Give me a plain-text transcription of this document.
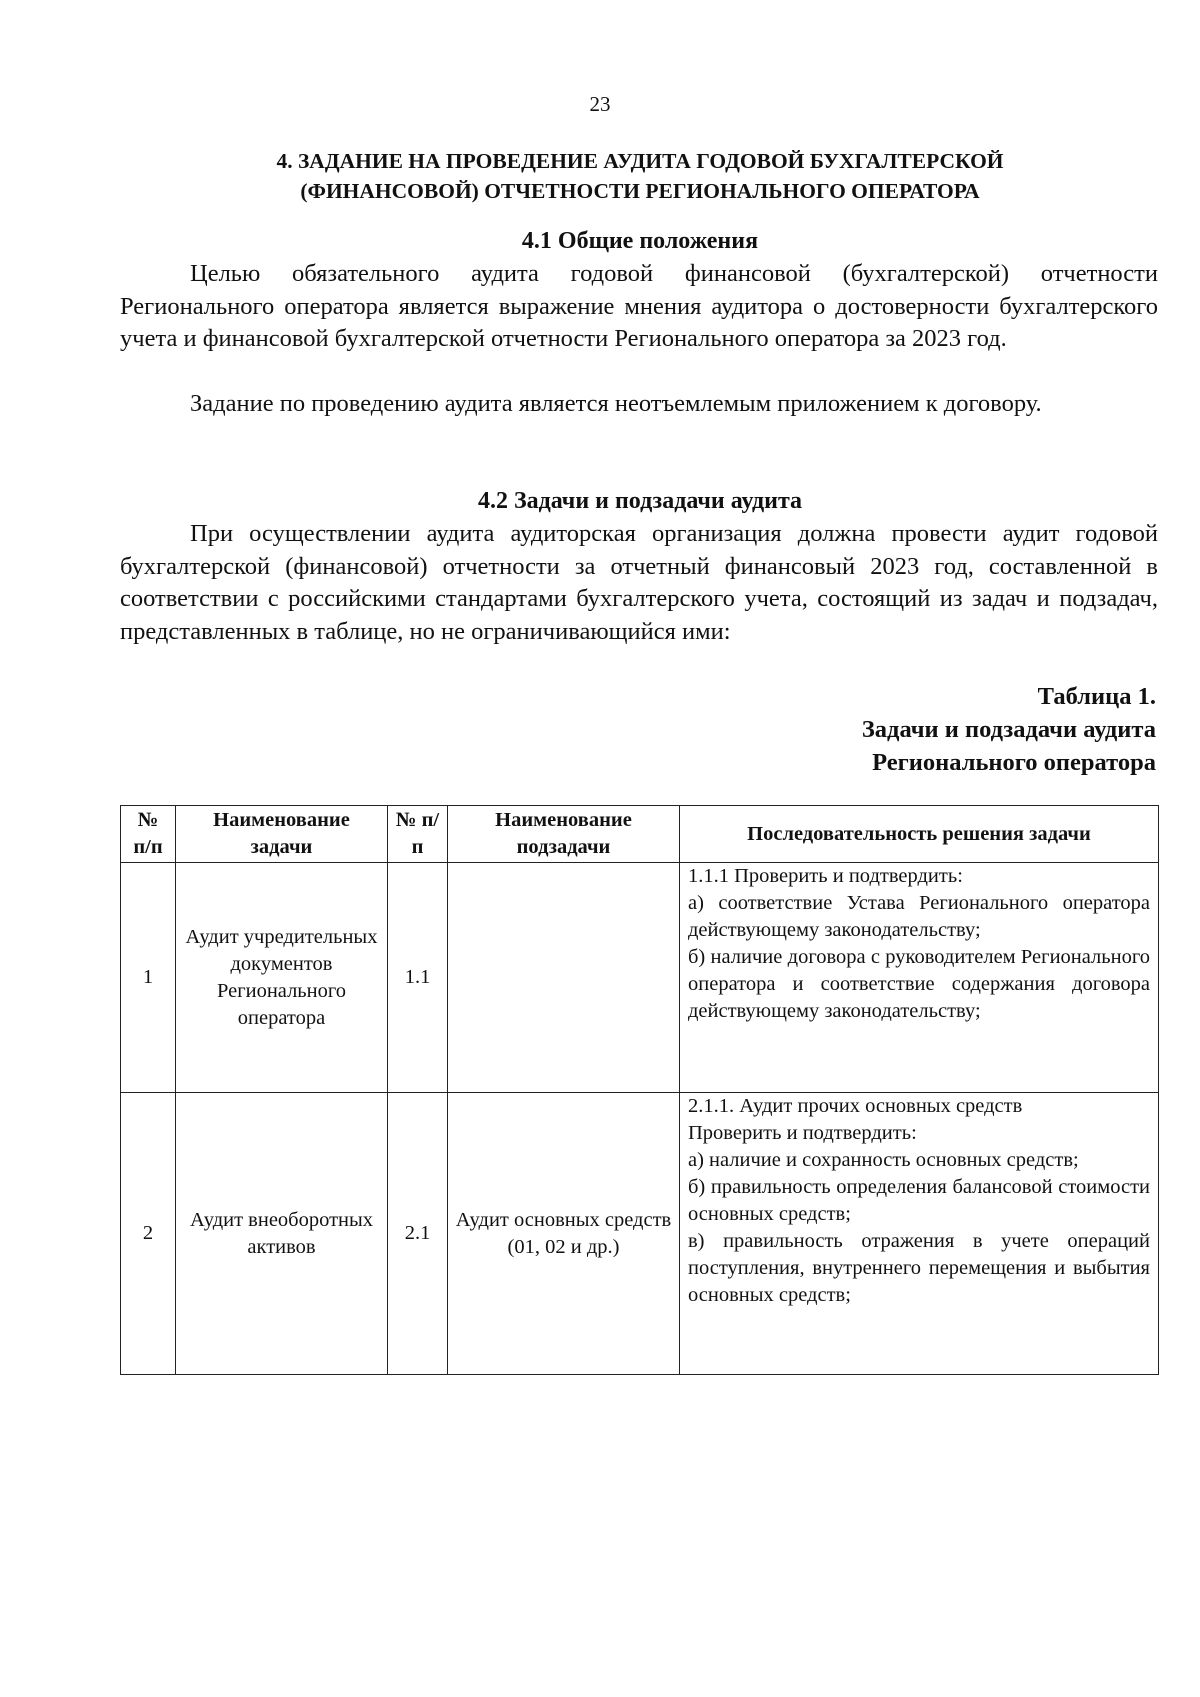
23
4. ЗАДАНИЕ НА ПРОВЕДЕНИЕ АУДИТА ГОДОВОЙ БУХГАЛТЕРСКОЙ
(ФИНАНСОВОЙ) ОТЧЕТНОСТИ РЕГИОНАЛЬНОГО ОПЕРАТОРА
4.1 Общие положения

Целью обязательного аудита годовой финансовой (бухгалтерской) отчетности Регионального оператора является выражение мнения аудитора о достоверности бухгалтерского учета и финансовой бухгалтерской отчетности Регионального оператора за 2023 год.

Задание по проведению аудита является неотъемлемым приложением к договору.

4.2 Задачи и подзадачи аудита

При осуществлении аудита аудиторская организация должна провести аудит годовой бухгалтерской (финансовой) отчетности за отчетный финансовый 2023 год, составленной в соответствии с российскими стандартами бухгалтерского учета, состоящий из задач и подзадач, представленных в таблице, но не ограничивающийся ими:

Таблица 1.
Задачи и подзадачи аудита
Регионального оператора
№ п/п	Наименование задачи	№ п/п	Наименование подзадачи	Последовательность решения задачи
1	Аудит учредительных документов Регионального оператора	1.1		1.1.1 Проверить и подтвердить:
а) соответствие Устава Регионального оператора действующему законодательству;
б) наличие договора с руководителем Регионального оператора и соответствие содержания договора действующему законодательству;

2	Аудит внеоборотных активов	2.1	Аудит основных средств (01, 02 и др.)	2.1.1. Аудит прочих основных средств
Проверить и подтвердить:
а) наличие и сохранность основных средств;
б) правильность определения балансовой стоимости основных средств;
в) правильность отражения в учете операций поступления, внутреннего перемещения и выбытия основных средств;
